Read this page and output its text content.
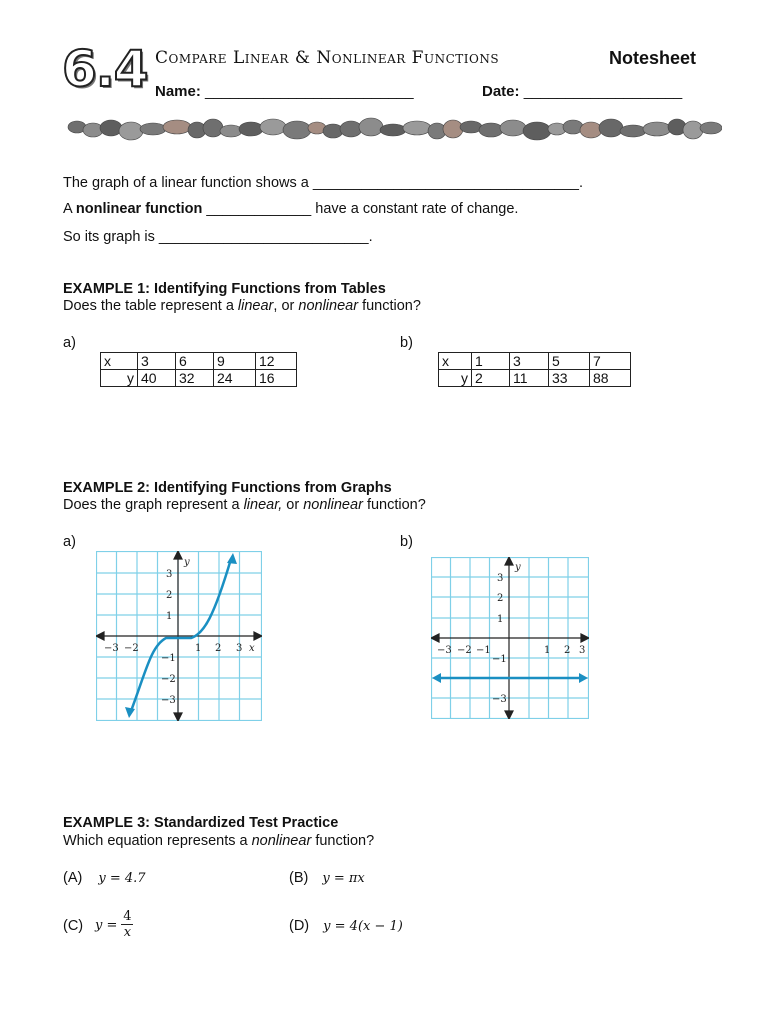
6.4 Compare Linear & Nonlinear Functions	Notesheet
Name: _________________________	Date: ___________________
The graph of a linear function shows a _________________________________.
A nonlinear function _____________ have a constant rate of change.
So its graph is __________________________.
EXAMPLE 1: Identifying Functions from Tables
Does the table represent a linear, or nonlinear function?
a)	b)
x	3	6	9	12
y	40	32	24	16
x	1	3	5	7
y	2	11	33	88
EXAMPLE 2: Identifying Functions from Graphs
Does the graph represent a linear, or nonlinear function?
a)	b)
−3 −2	1 2 3 x
3
2
1
−1
−2
−3
y
−3 −2 −1	1 2 3
3
2
1
−1
−3
y
EXAMPLE 3: Standardized Test Practice
Which equation represents a nonlinear function?
(A) y = 4.7	(B) y = πx
(C) y =
4
x	(D) y = 4(x − 1)
